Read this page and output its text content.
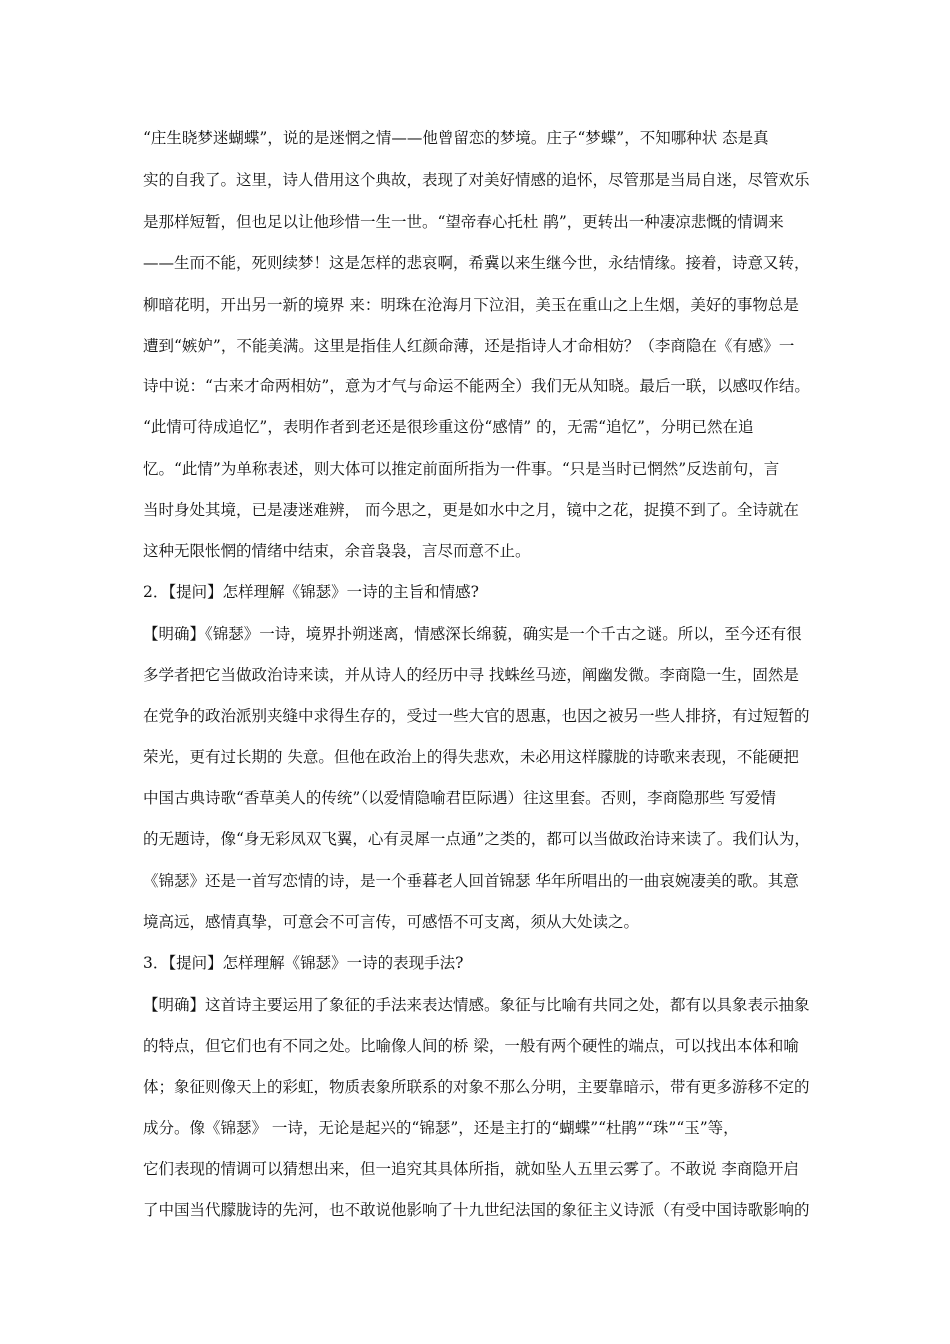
“庄生晓梦迷蝴蝶”，说的是迷惘之情——他曾留恋的梦境。庄子“梦蝶”，不知哪种状 态是真
实的自我了。这里，诗人借用这个典故，表现了对美好情感的追怀，尽管那是当局自迷，尽管欢乐
是那样短暂，但也足以让他珍惜一生一世。“望帝春心托杜 鹃”，更转出一种凄凉悲慨的情调来
——生而不能，死则续梦！这是怎样的悲哀啊，希冀以来生继今世，永结情缘。接着，诗意又转，
柳暗花明，开出另一新的境界 来：明珠在沧海月下泣泪，美玉在重山之上生烟，美好的事物总是
遭到“嫉妒”，不能美满。这里是指佳人红颜命薄，还是指诗人才命相妨？（李商隐在《有感》一
诗中说：“古来才命两相妨”，意为才气与命运不能两全）我们无从知晓。最后一联，以感叹作结。
“此情可待成追忆”，表明作者到老还是很珍重这份“感情” 的，无需“追忆”，分明已然在追
忆。“此情”为单称表述，则大体可以推定前面所指为一件事。“只是当时已惘然”反迭前句，言
当时身处其境，已是凄迷难辨， 而今思之，更是如水中之月，镜中之花，捉摸不到了。全诗就在
这种无限怅惘的情绪中结束，余音袅袅，言尽而意不止。
2．【提问】怎样理解《锦瑟》一诗的主旨和情感?
【明确】《锦瑟》一诗，境界扑朔迷离，情感深长绵藐，确实是一个千古之谜。所以，至今还有很
多学者把它当做政治诗来读，并从诗人的经历中寻 找蛛丝马迹，阐幽发微。李商隐一生，固然是
在党争的政治派别夹缝中求得生存的，受过一些大官的恩惠，也因之被另一些人排挤，有过短暂的
荣光，更有过长期的 失意。但他在政治上的得失悲欢，未必用这样朦胧的诗歌来表现，不能硬把
中国古典诗歌“香草美人的传统”（以爱情隐喻君臣际遇）往这里套。否则，李商隐那些 写爱情
的无题诗，像“身无彩凤双飞翼，心有灵犀一点通”之类的，都可以当做政治诗来读了。我们认为，
《锦瑟》还是一首写恋情的诗，是一个垂暮老人回首锦瑟 华年所唱出的一曲哀婉凄美的歌。其意
境高远，感情真挚，可意会不可言传，可感悟不可支离，须从大处读之。
3．【提问】怎样理解《锦瑟》一诗的表现手法?
【明确】这首诗主要运用了象征的手法来表达情感。象征与比喻有共同之处，都有以具象表示抽象
的特点，但它们也有不同之处。比喻像人间的桥 梁，一般有两个硬性的端点，可以找出本体和喻
体；象征则像天上的彩虹，物质表象所联系的对象不那么分明，主要靠暗示，带有更多游移不定的
成分。像《锦瑟》 一诗，无论是起兴的“锦瑟”，还是主打的“蝴蝶”“杜鹃”“珠”“玉”等，
它们表现的情调可以猜想出来，但一追究其具体所指，就如坠人五里云雾了。不敢说 李商隐开启
了中国当代朦胧诗的先河，也不敢说他影响了十九世纪法国的象征主义诗派（有受中国诗歌影响的
